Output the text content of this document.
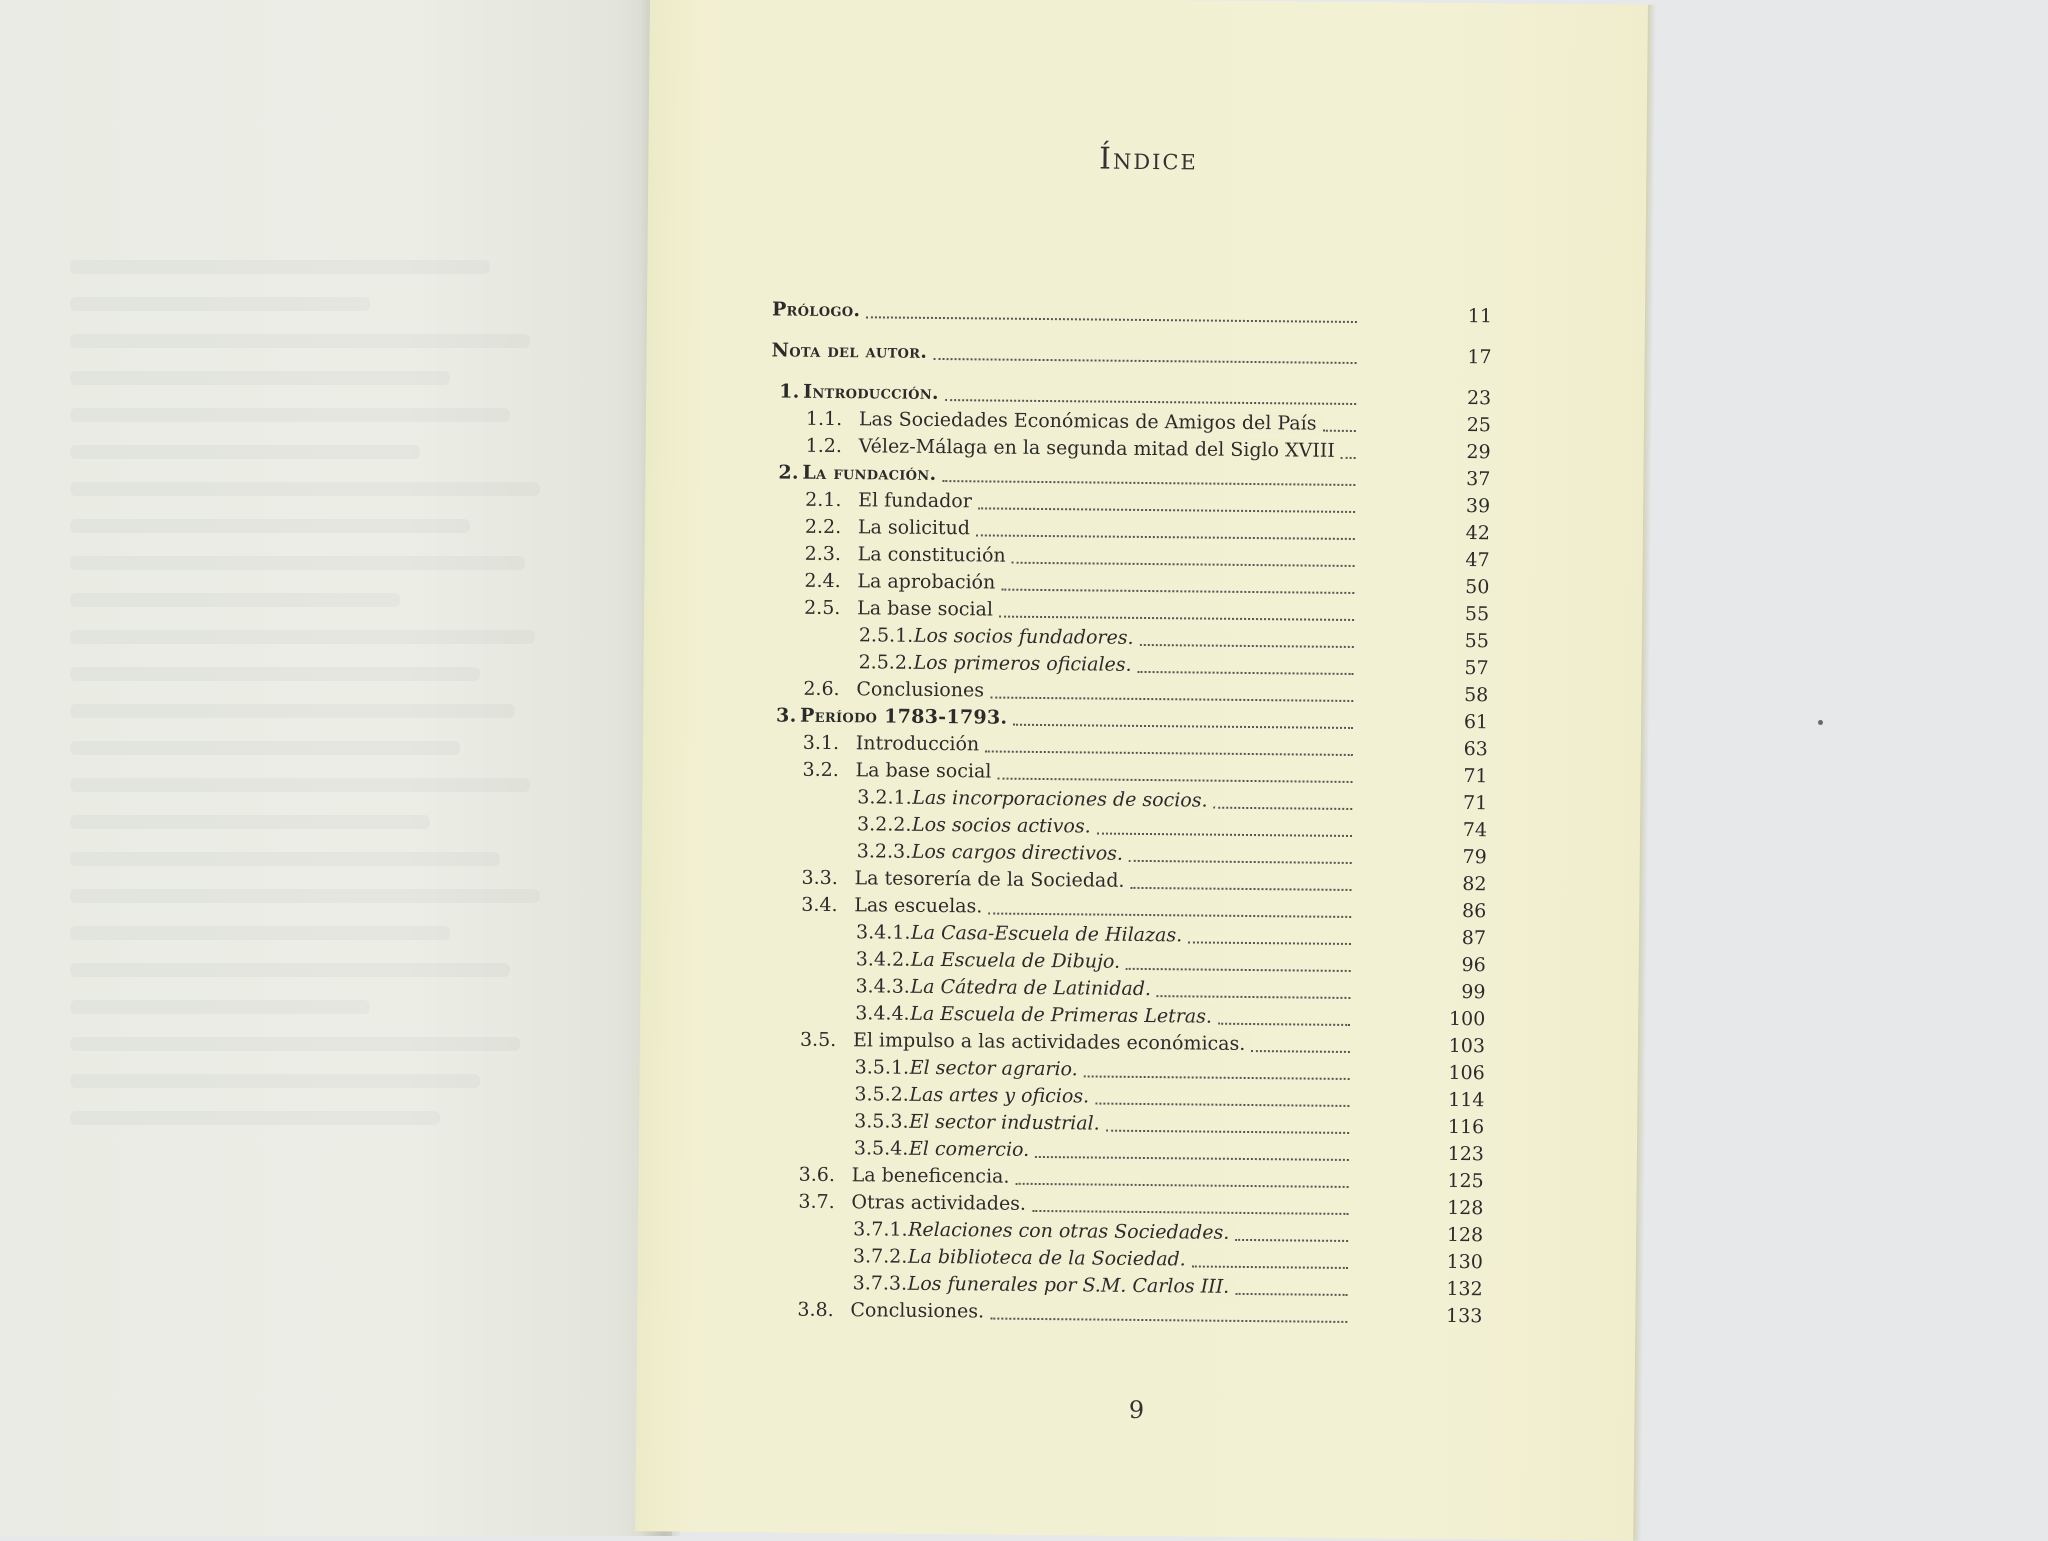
Índice
Prólogo.	11
Nota del autor.	17
1. Introducción.	23
1.1. Las Sociedades Económicas de Amigos del País	25
1.2. Vélez-Málaga en la segunda mitad del Siglo XVIII	29
2. La fundación.	37
2.1. El fundador	39
2.2. La solicitud	42
2.3. La constitución	47
2.4. La aprobación	50
2.5. La base social	55
2.5.1. Los socios fundadores.	55
2.5.2. Los primeros oficiales.	57
2.6. Conclusiones	58
3. Período 1783-1793.	61
3.1. Introducción	63
3.2. La base social	71
3.2.1. Las incorporaciones de socios.	71
3.2.2. Los socios activos.	74
3.2.3. Los cargos directivos.	79
3.3. La tesorería de la Sociedad.	82
3.4. Las escuelas.	86
3.4.1. La Casa-Escuela de Hilazas.	87
3.4.2. La Escuela de Dibujo.	96
3.4.3. La Cátedra de Latinidad.	99
3.4.4. La Escuela de Primeras Letras.	100
3.5. El impulso a las actividades económicas.	103
3.5.1. El sector agrario.	106
3.5.2. Las artes y oficios.	114
3.5.3. El sector industrial.	116
3.5.4. El comercio.	123
3.6. La beneficencia.	125
3.7. Otras actividades.	128
3.7.1. Relaciones con otras Sociedades.	128
3.7.2. La biblioteca de la Sociedad.	130
3.7.3. Los funerales por S.M. Carlos III.	132
3.8. Conclusiones.	133
9
